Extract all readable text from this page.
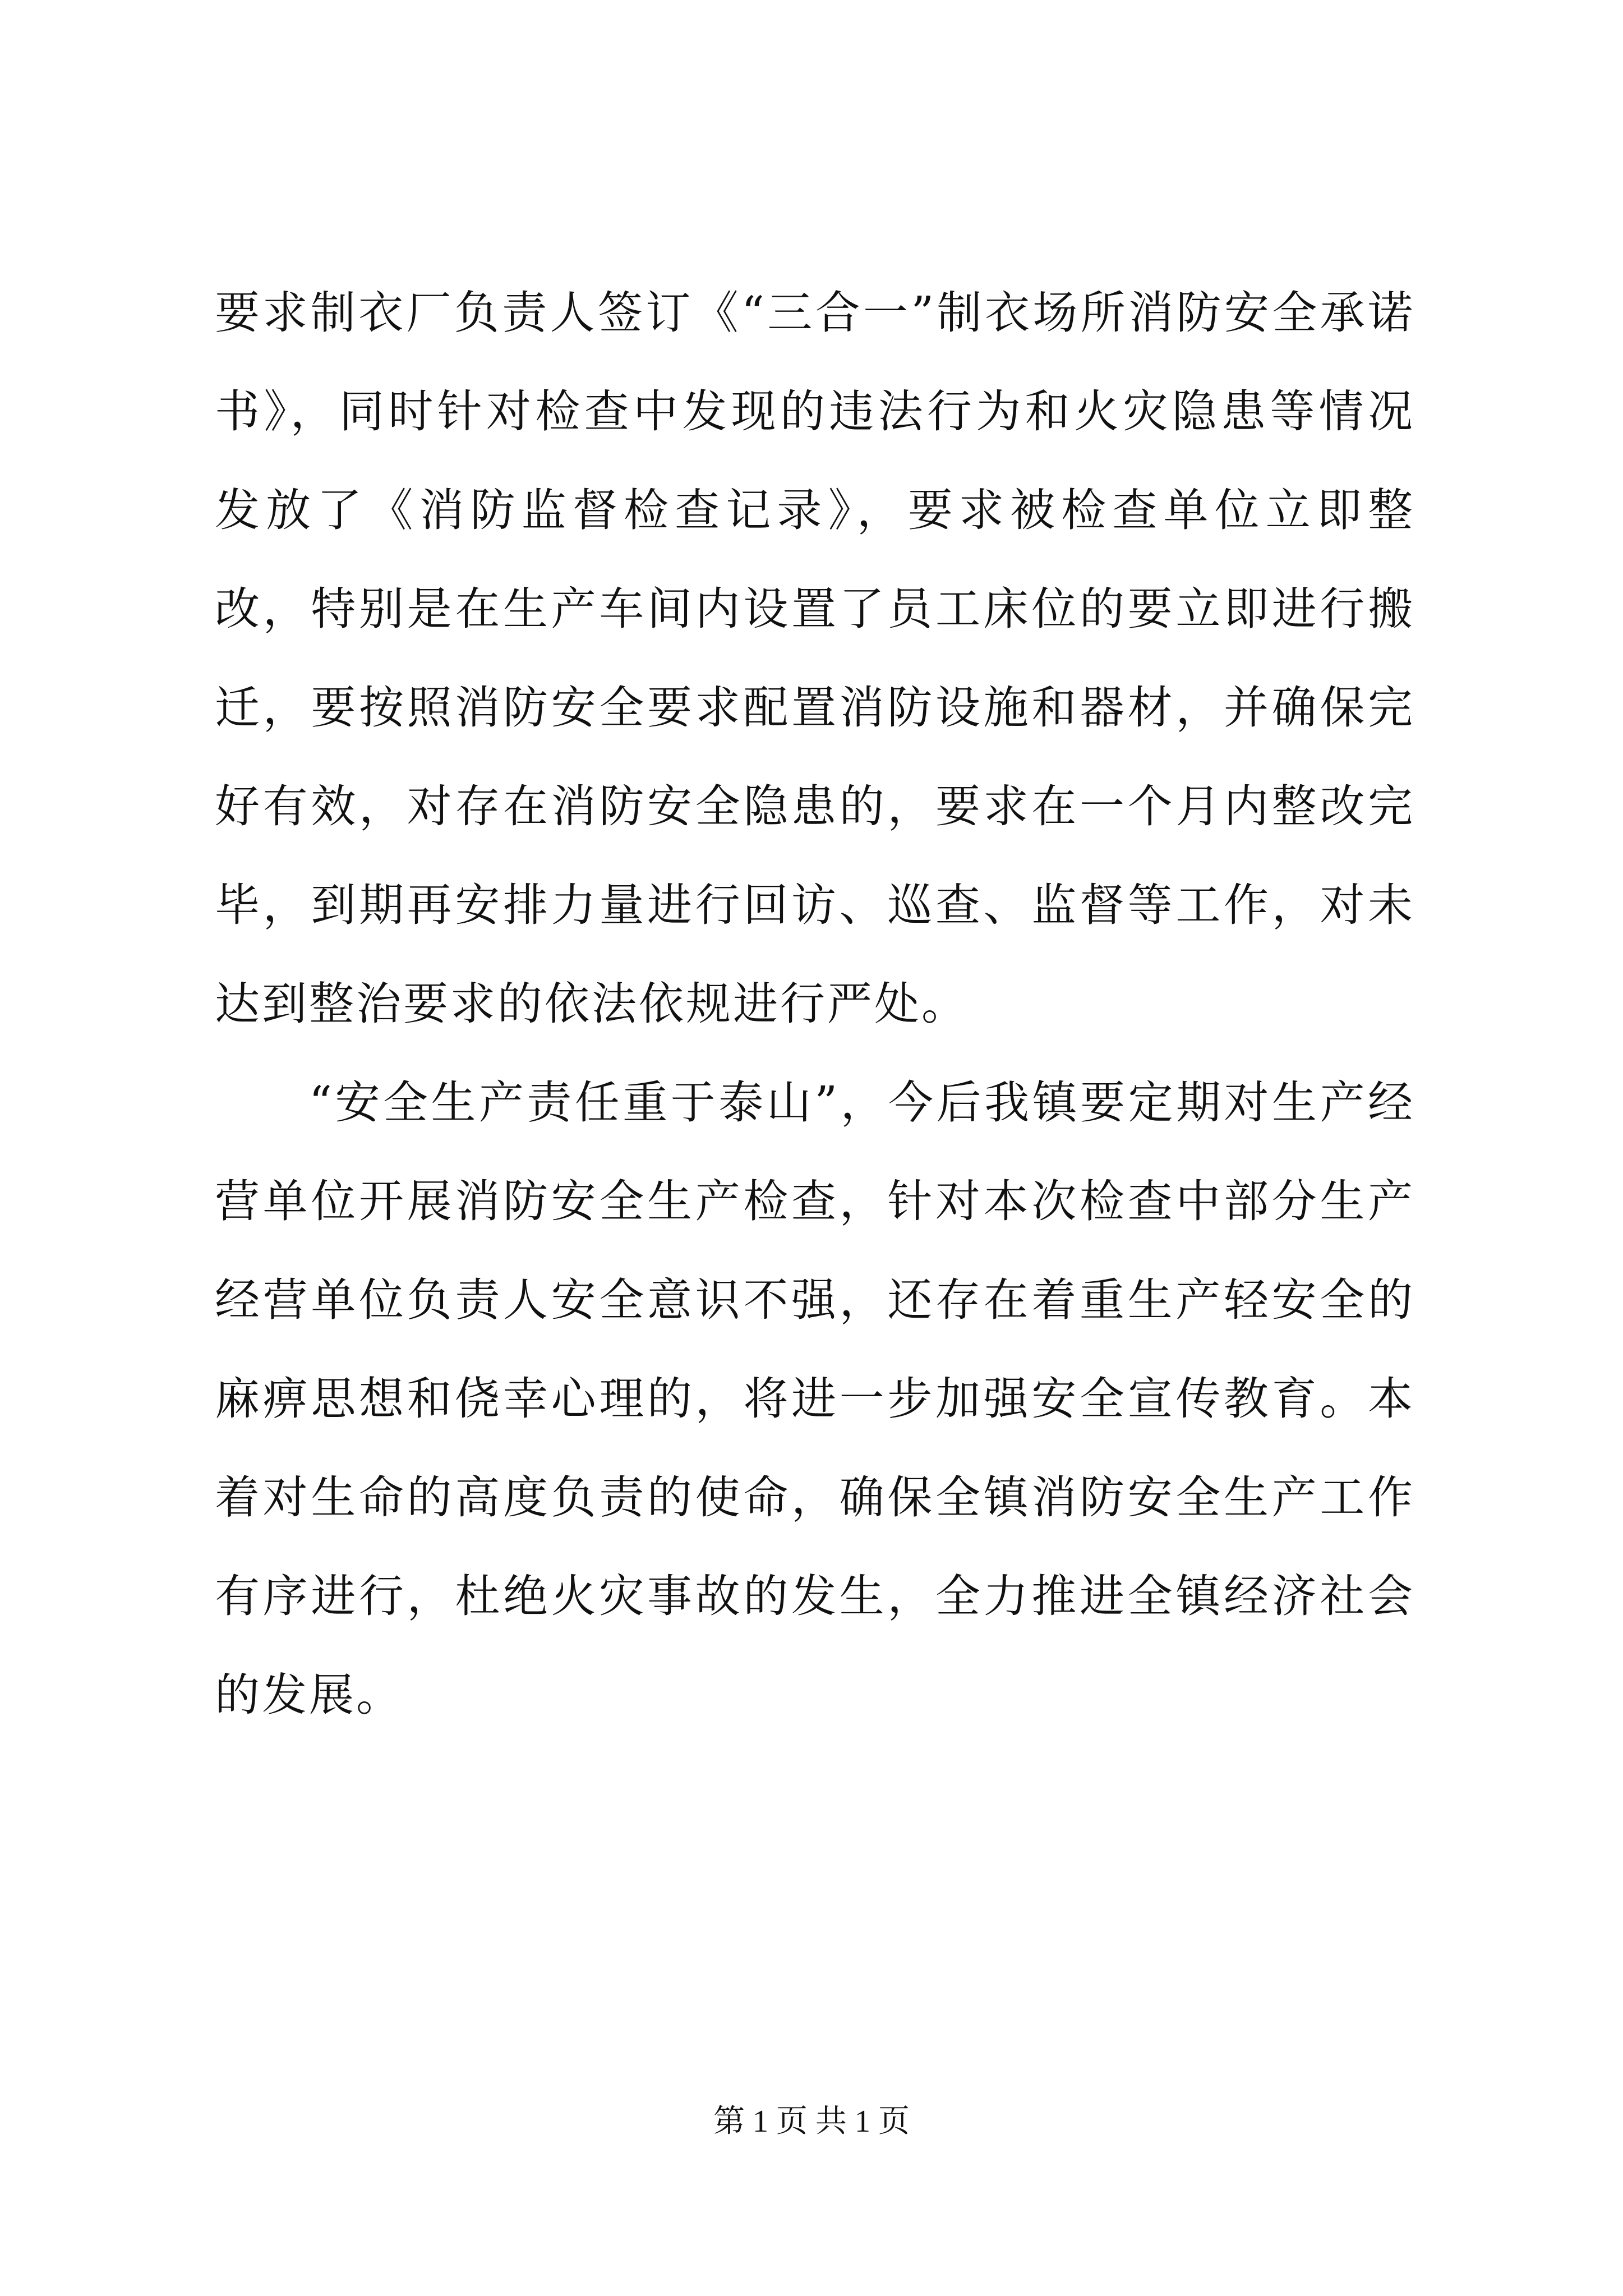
要求制衣厂负责人签订《“三合一”制衣场所消防安全承诺书》，同时针对检查中发现的违法行为和火灾隐患等情况发放了《消防监督检查记录》，要求被检查单位立即整改，特别是在生产车间内设置了员工床位的要立即进行搬迁，要按照消防安全要求配置消防设施和器材，并确保完好有效，对存在消防安全隐患的，要求在一个月内整改完毕，到期再安排力量进行回访、巡查、监督等工作，对未达到整治要求的依法依规进行严处。

“安全生产责任重于泰山”，今后我镇要定期对生产经营单位开展消防安全生产检查，针对本次检查中部分生产经营单位负责人安全意识不强，还存在着重生产轻安全的麻痹思想和侥幸心理的，将进一步加强安全宣传教育。本着对生命的高度负责的使命，确保全镇消防安全生产工作有序进行，杜绝火灾事故的发生，全力推进全镇经济社会的发展。

第 1 页 共 1 页
